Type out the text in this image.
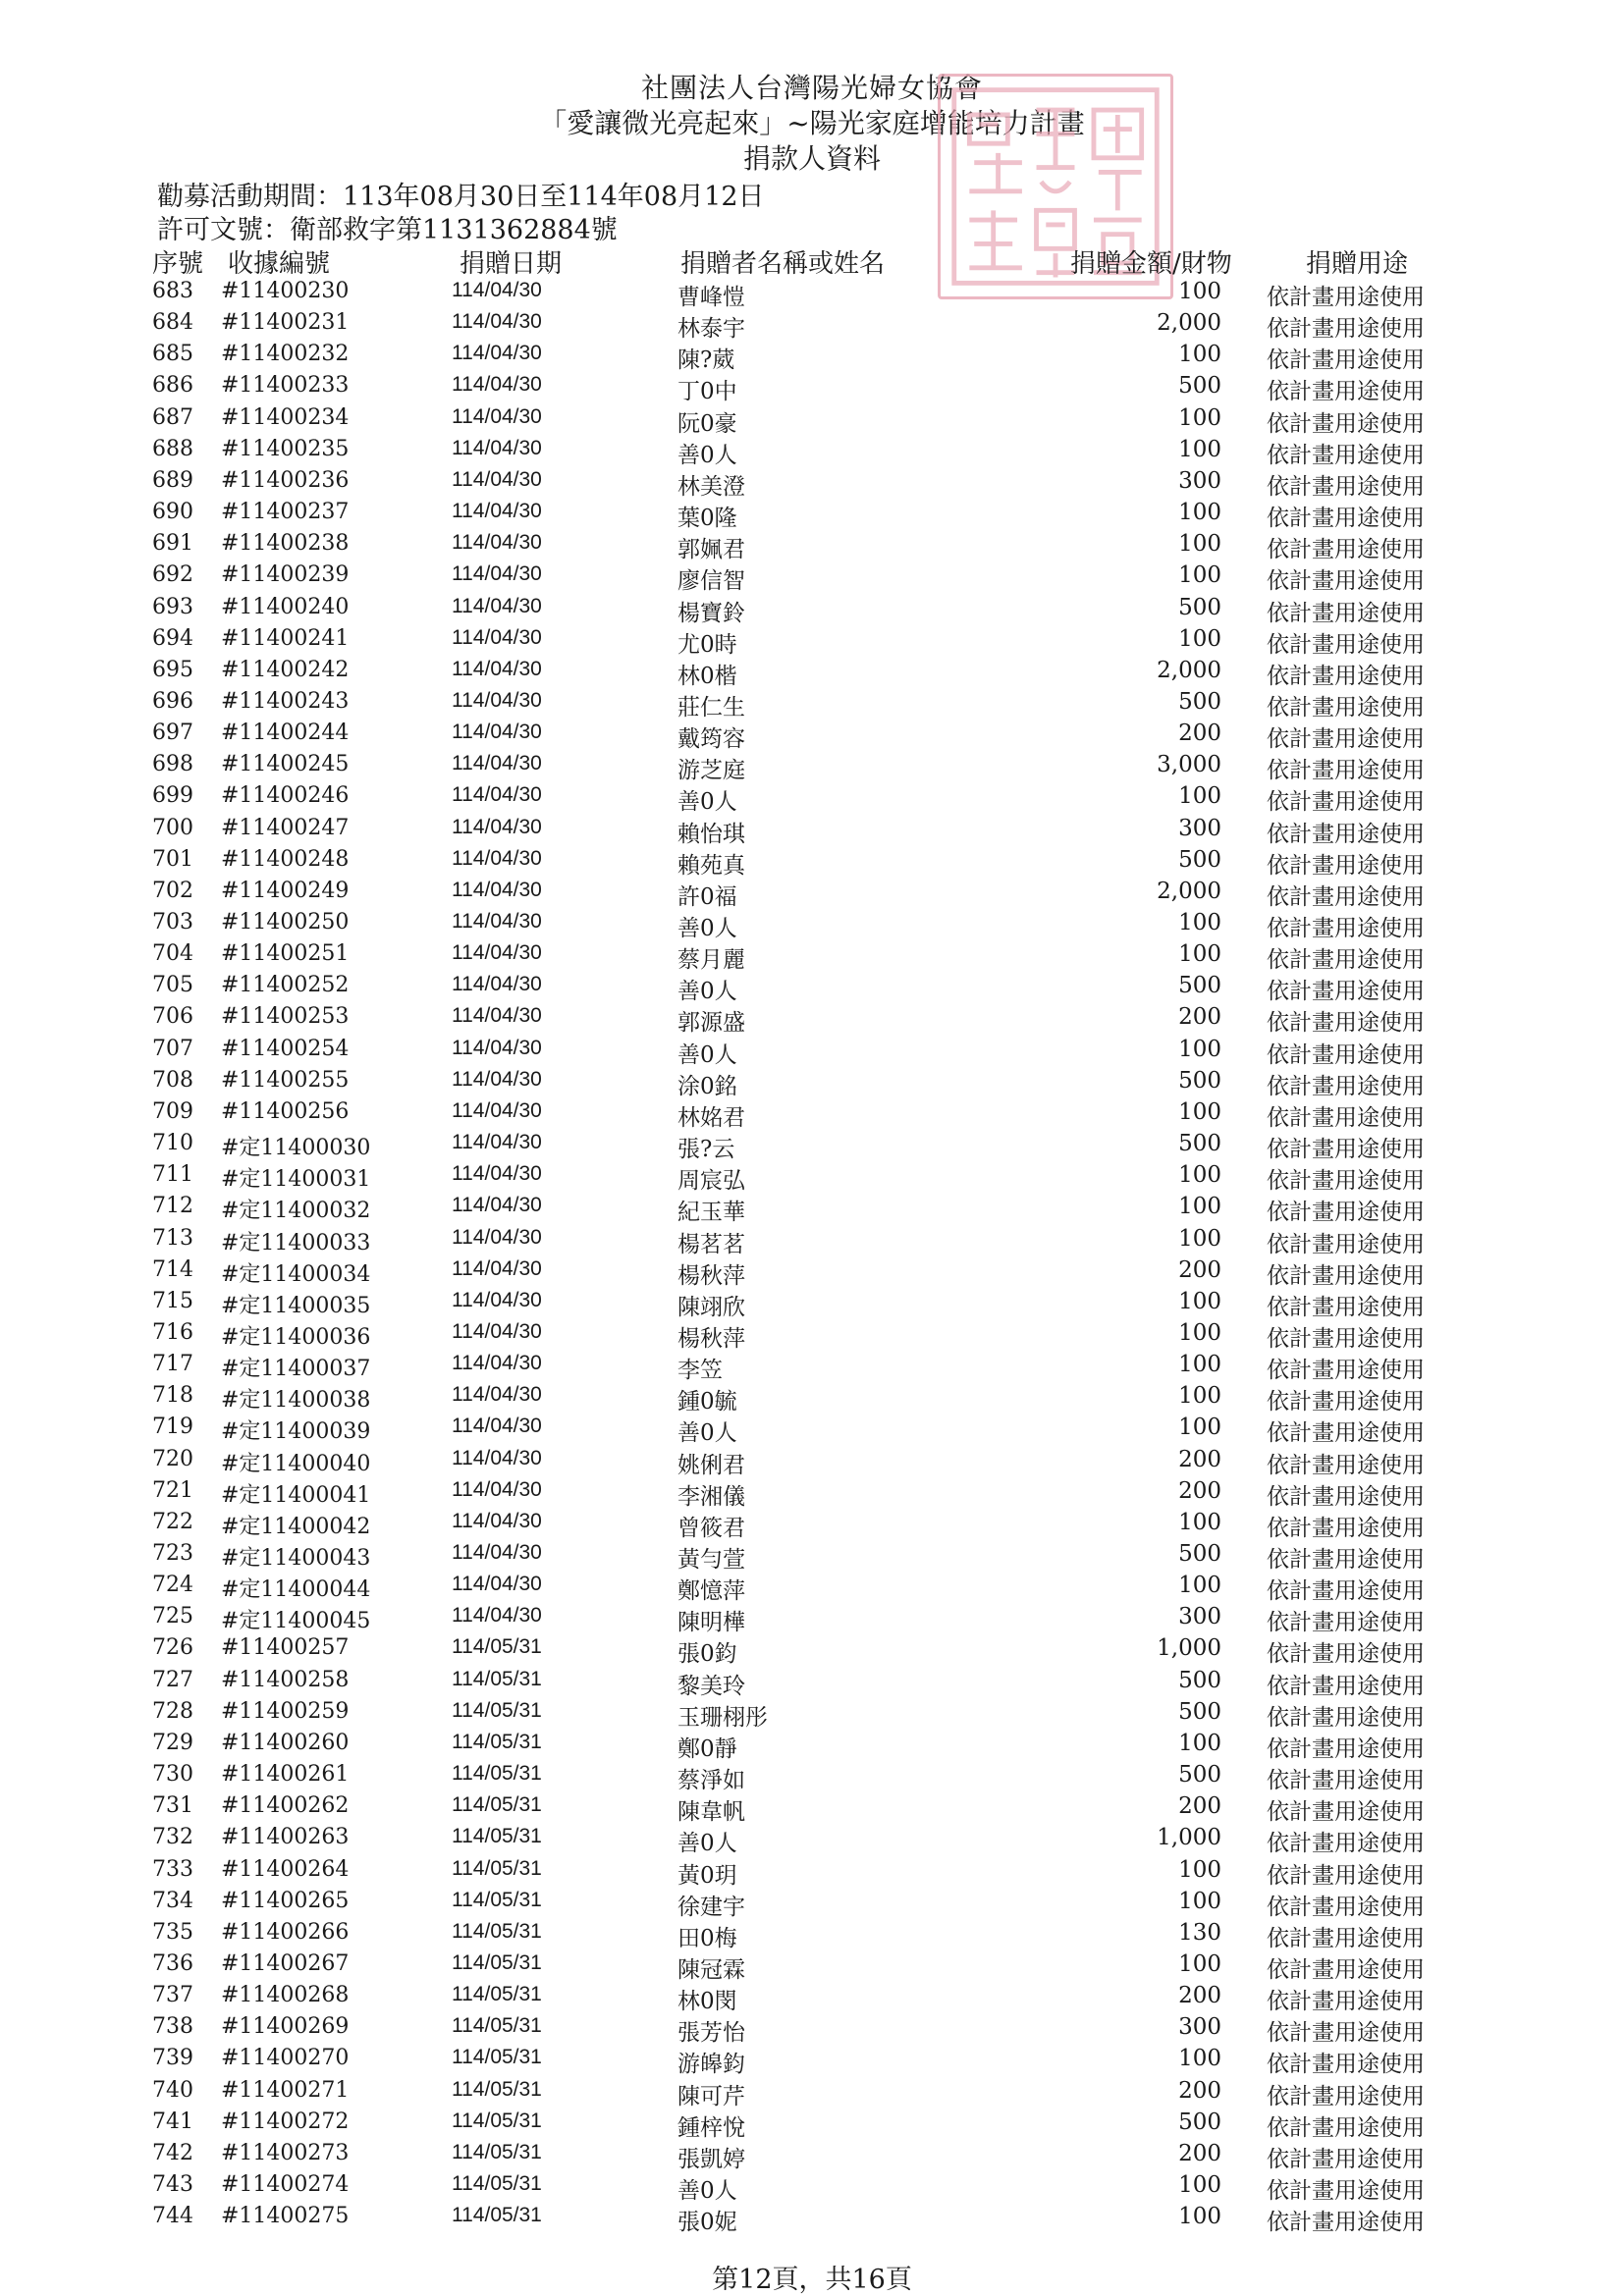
社團法人台灣陽光婦女協會
「愛讓微光亮起來」~陽光家庭增能培力計畫
捐款人資料
勸募活動期間：113年08月30日至114年08月12日
許可文號：衛部救字第1131362884號
序號 收據編號	捐贈日期	捐贈者名稱或姓名	捐贈金額/財物	捐贈用途
683 #11400230	114/04/30	曹峰愷	100 依計畫用途使用
684 #11400231	114/04/30	林泰宇	2,000 依計畫用途使用
685 #11400232	114/04/30	陳?葳	100 依計畫用途使用
686 #11400233	114/04/30	丁0中	500 依計畫用途使用
687 #11400234	114/04/30	阮0豪	100 依計畫用途使用
688 #11400235	114/04/30	善0人	100 依計畫用途使用
689 #11400236	114/04/30	林美澄	300 依計畫用途使用
690 #11400237	114/04/30	葉0隆	100 依計畫用途使用
691 #11400238	114/04/30	郭姵君	100 依計畫用途使用
692 #11400239	114/04/30	廖信智	100 依計畫用途使用
693 #11400240	114/04/30	楊寶鈴	500 依計畫用途使用
694 #11400241	114/04/30	尤0時	100 依計畫用途使用
695 #11400242	114/04/30	林0楷	2,000 依計畫用途使用
696 #11400243	114/04/30	莊仁生	500 依計畫用途使用
697 #11400244	114/04/30	戴筠容	200 依計畫用途使用
698 #11400245	114/04/30	游芝庭	3,000 依計畫用途使用
699 #11400246	114/04/30	善0人	100 依計畫用途使用
700 #11400247	114/04/30	賴怡琪	300 依計畫用途使用
701 #11400248	114/04/30	賴苑真	500 依計畫用途使用
702 #11400249	114/04/30	許0福	2,000 依計畫用途使用
703 #11400250	114/04/30	善0人	100 依計畫用途使用
704 #11400251	114/04/30	蔡月麗	100 依計畫用途使用
705 #11400252	114/04/30	善0人	500 依計畫用途使用
706 #11400253	114/04/30	郭源盛	200 依計畫用途使用
707 #11400254	114/04/30	善0人	100 依計畫用途使用
708 #11400255	114/04/30	涂0銘	500 依計畫用途使用
709 #11400256	114/04/30	林姳君	100 依計畫用途使用
710 #定11400030	114/04/30	張?云	500 依計畫用途使用
711 #定11400031	114/04/30	周宸弘	100 依計畫用途使用
712 #定11400032	114/04/30	紀玉華	100 依計畫用途使用
713 #定11400033	114/04/30	楊茗茗	100 依計畫用途使用
714 #定11400034	114/04/30	楊秋萍	200 依計畫用途使用
715 #定11400035	114/04/30	陳翊欣	100 依計畫用途使用
716 #定11400036	114/04/30	楊秋萍	100 依計畫用途使用
717 #定11400037	114/04/30	李笠	100 依計畫用途使用
718 #定11400038	114/04/30	鍾0毓	100 依計畫用途使用
719 #定11400039	114/04/30	善0人	100 依計畫用途使用
720 #定11400040	114/04/30	姚俐君	200 依計畫用途使用
721 #定11400041	114/04/30	李湘儀	200 依計畫用途使用
722 #定11400042	114/04/30	曾筱君	100 依計畫用途使用
723 #定11400043	114/04/30	黃勻萱	500 依計畫用途使用
724 #定11400044	114/04/30	鄭憶萍	100 依計畫用途使用
725 #定11400045	114/04/30	陳明樺	300 依計畫用途使用
726 #11400257	114/05/31	張0鈞	1,000 依計畫用途使用
727 #11400258	114/05/31	黎美玲	500 依計畫用途使用
728 #11400259	114/05/31	玉珊栩彤	500 依計畫用途使用
729 #11400260	114/05/31	鄭0靜	100 依計畫用途使用
730 #11400261	114/05/31	蔡淨如	500 依計畫用途使用
731 #11400262	114/05/31	陳韋帆	200 依計畫用途使用
732 #11400263	114/05/31	善0人	1,000 依計畫用途使用
733 #11400264	114/05/31	黃0玥	100 依計畫用途使用
734 #11400265	114/05/31	徐建宇	100 依計畫用途使用
735 #11400266	114/05/31	田0梅	130 依計畫用途使用
736 #11400267	114/05/31	陳冠霖	100 依計畫用途使用
737 #11400268	114/05/31	林0閔	200 依計畫用途使用
738 #11400269	114/05/31	張芳怡	300 依計畫用途使用
739 #11400270	114/05/31	游皞鈞	100 依計畫用途使用
740 #11400271	114/05/31	陳可芹	200 依計畫用途使用
741 #11400272	114/05/31	鍾梓悅	500 依計畫用途使用
742 #11400273	114/05/31	張凱婷	200 依計畫用途使用
743 #11400274	114/05/31	善0人	100 依計畫用途使用
744 #11400275	114/05/31	張0妮	100 依計畫用途使用
第12頁，共16頁
